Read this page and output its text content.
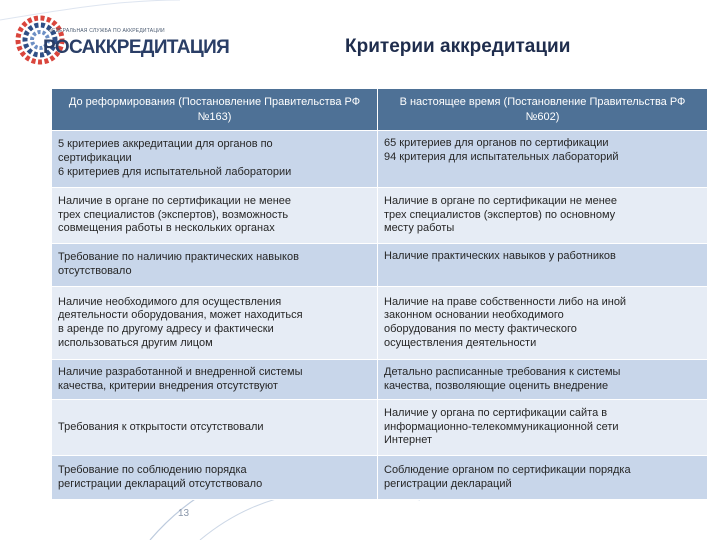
ФЕДЕРАЛЬНАЯ СЛУЖБА ПО АККРЕДИТАЦИИ
РОСАККРЕДИТАЦИЯ	Критерии аккредитации
До реформирования (Постановление Правительства РФ №163)	В настоящее время (Постановление Правительства РФ №602)

5 критериев аккредитации для органов по
сертификации
6 критериев для испытательной лаборатории	65 критериев для органов по сертификации
94 критерия для испытательных лабораторий

Наличие в органе по сертификации не менее
трех специалистов (экспертов), возможность
совмещения работы в нескольких органах	Наличие в органе по сертификации не менее
трех специалистов (экспертов) по основному
месту работы

Требование по наличию практических навыков
отсутствовало	Наличие практических навыков у работников

Наличие необходимого для осуществления
деятельности оборудования, может находиться
в аренде по другому адресу и фактически
использоваться другим лицом	Наличие на праве собственности либо на иной
законном основании необходимого
оборудования по месту фактического
осуществления деятельности

Наличие разработанной и внедренной системы
качества, критерии внедрения отсутствуют	Детально расписанные требования к системы
качества, позволяющие оценить внедрение

Требования к открытости отсутствовали	Наличие у органа по сертификации сайта в
информационно-телекоммуникационной сети
Интернет

Требование по соблюдению порядка
регистрации деклараций отсутствовало	Соблюдение органом по сертификации порядка
регистрации деклараций
13
